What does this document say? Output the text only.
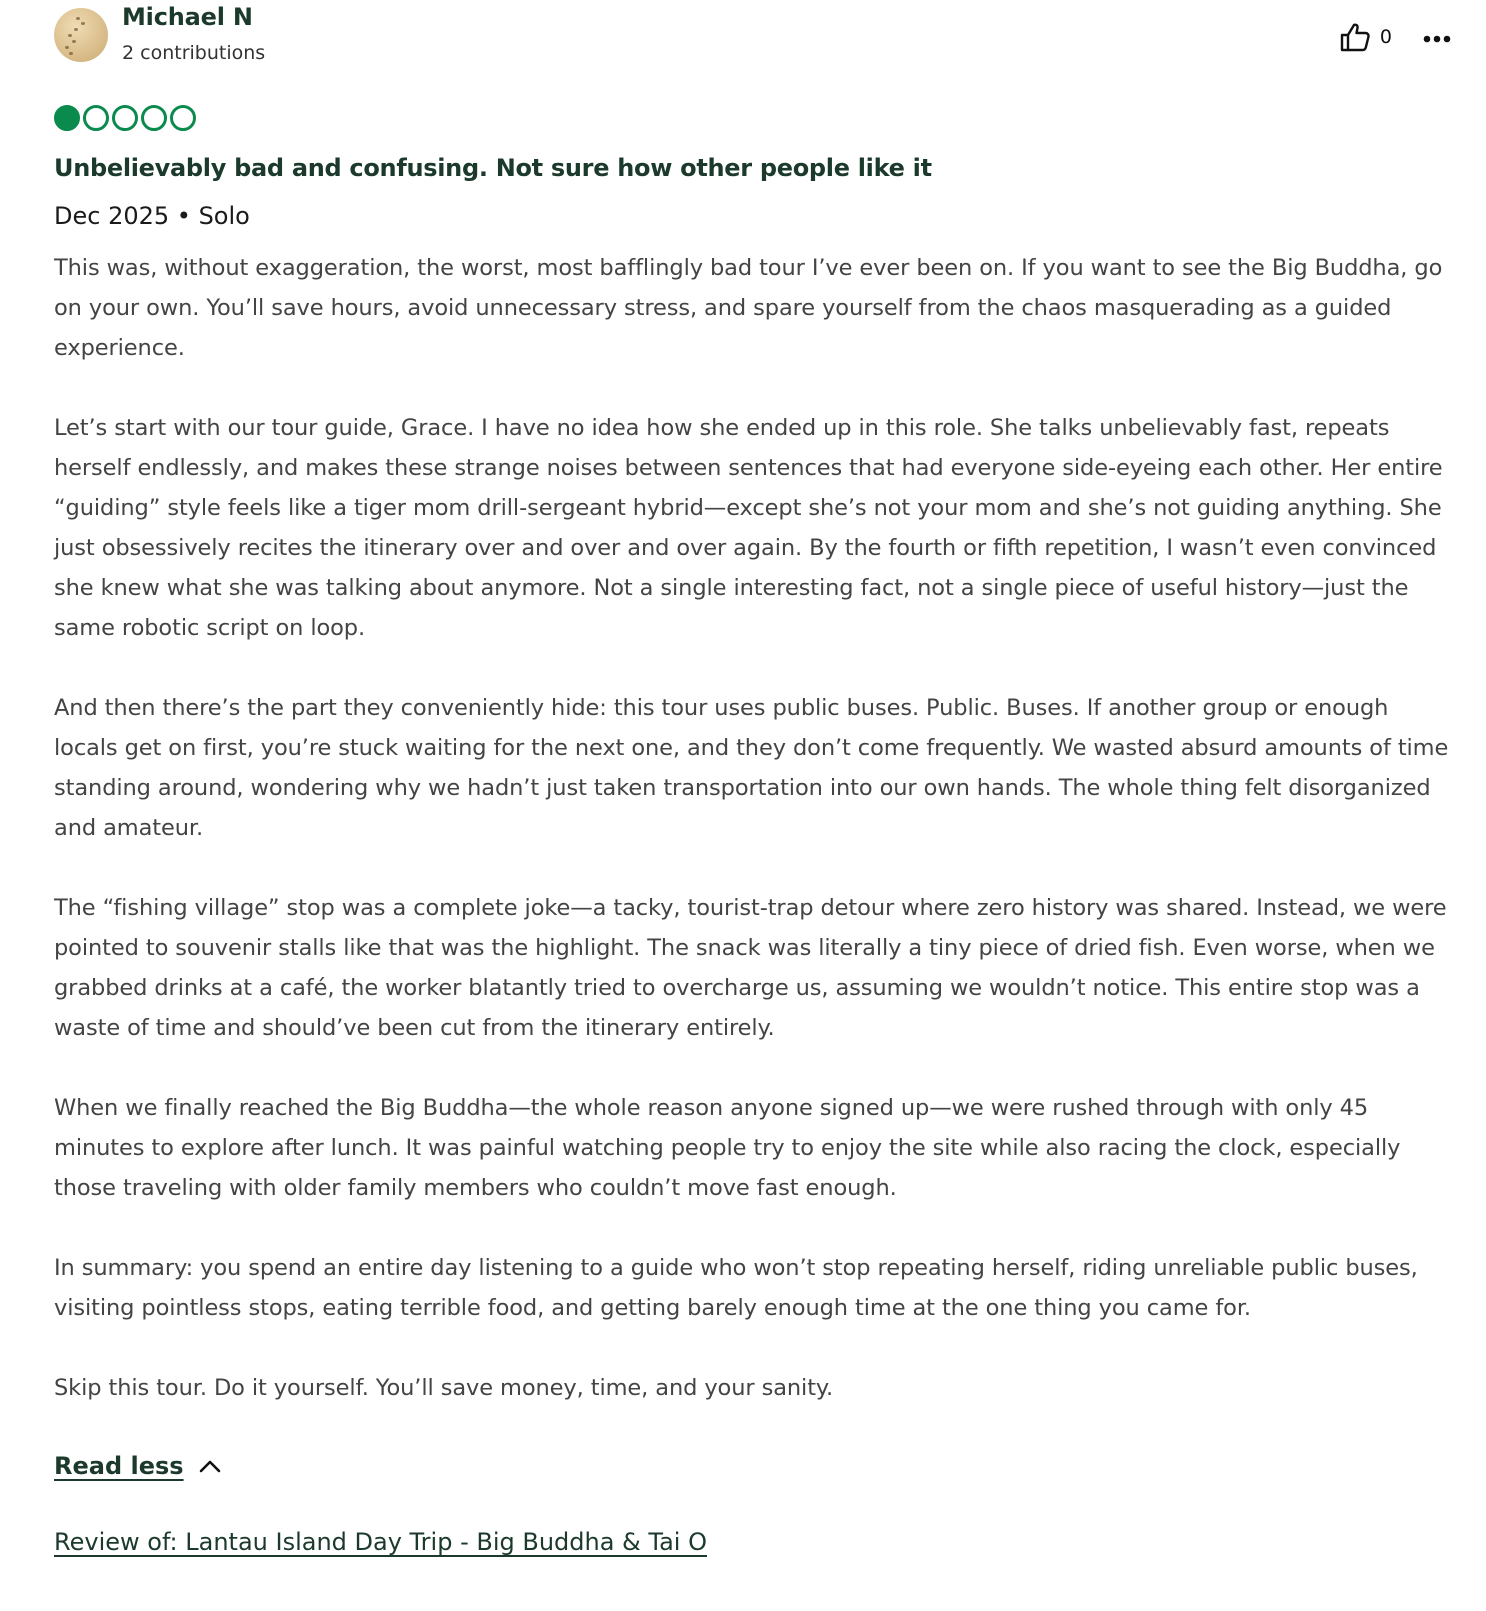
Michael N
2 contributions
0
Unbelievably bad and confusing. Not sure how other people like it
Dec 2025 • Solo

This was, without exaggeration, the worst, most bafflingly bad tour I’ve ever been on. If you want to see the Big Buddha, go on your own. You’ll save hours, avoid unnecessary stress, and spare yourself from the chaos masquerading as a guided experience.

Let’s start with our tour guide, Grace. I have no idea how she ended up in this role. She talks unbelievably fast, repeats herself endlessly, and makes these strange noises between sentences that had everyone side-eyeing each other. Her entire “guiding” style feels like a tiger mom drill-sergeant hybrid—except she’s not your mom and she’s not guiding anything. She just obsessively recites the itinerary over and over and over again. By the fourth or fifth repetition, I wasn’t even convinced she knew what she was talking about anymore. Not a single interesting fact, not a single piece of useful history—just the same robotic script on loop.

And then there’s the part they conveniently hide: this tour uses public buses. Public. Buses. If another group or enough locals get on first, you’re stuck waiting for the next one, and they don’t come frequently. We wasted absurd amounts of time standing around, wondering why we hadn’t just taken transportation into our own hands. The whole thing felt disorganized and amateur.

The “fishing village” stop was a complete joke—a tacky, tourist-trap detour where zero history was shared. Instead, we were pointed to souvenir stalls like that was the highlight. The snack was literally a tiny piece of dried fish. Even worse, when we grabbed drinks at a café, the worker blatantly tried to overcharge us, assuming we wouldn’t notice. This entire stop was a waste of time and should’ve been cut from the itinerary entirely.

When we finally reached the Big Buddha—the whole reason anyone signed up—we were rushed through with only 45 minutes to explore after lunch. It was painful watching people try to enjoy the site while also racing the clock, especially those traveling with older family members who couldn’t move fast enough.

In summary: you spend an entire day listening to a guide who won’t stop repeating herself, riding unreliable public buses, visiting pointless stops, eating terrible food, and getting barely enough time at the one thing you came for.

Skip this tour. Do it yourself. You’ll save money, time, and your sanity.

Read less
Review of: Lantau Island Day Trip - Big Buddha & Tai O
